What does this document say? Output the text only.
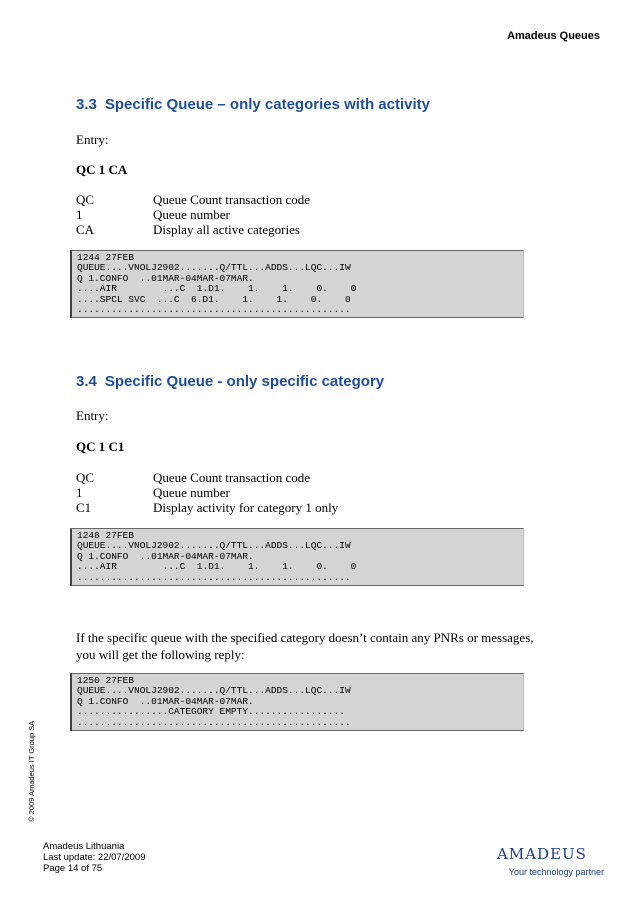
Amadeus Queues
3.3 Specific Queue – only categories with activity
Entry:
QC 1 CA
QC	Queue Count transaction code
1	Queue number
CA	Display all active categories
1244 27FEB
QUEUE....VNOLJ2902.......Q/TTL...ADDS...LQC...IW
Q 1.CONFO  ..01MAR-04MAR-07MAR.
....AIR        ...C  1.D1.    1.    1.    0.    0
....SPCL SVC  ...C  6.D1.    1.    1.    0.    0
................................................
3.4 Specific Queue - only specific category
Entry:
QC 1 C1
QC	Queue Count transaction code
1	Queue number
C1	Display activity for category 1 only
1248 27FEB
QUEUE....VNOLJ2902.......Q/TTL...ADDS...LQC...IW
Q 1.CONFO  ..01MAR-04MAR-07MAR.
....AIR        ...C  1.D1.    1.    1.    0.    0
................................................

If the specific queue with the specified category doesn’t contain any PNRs or messages, you will get the following reply:

1250 27FEB
QUEUE....VNOLJ2902.......Q/TTL...ADDS...LQC...IW
Q 1.CONFO  ..01MAR-04MAR-07MAR.
................CATEGORY EMPTY.................
................................................
© 2009 Amadeus IT Group SA
Amadeus Lithuania
Last update: 22/07/2009
Page 14 of 75
amadeus
Your technology partner
